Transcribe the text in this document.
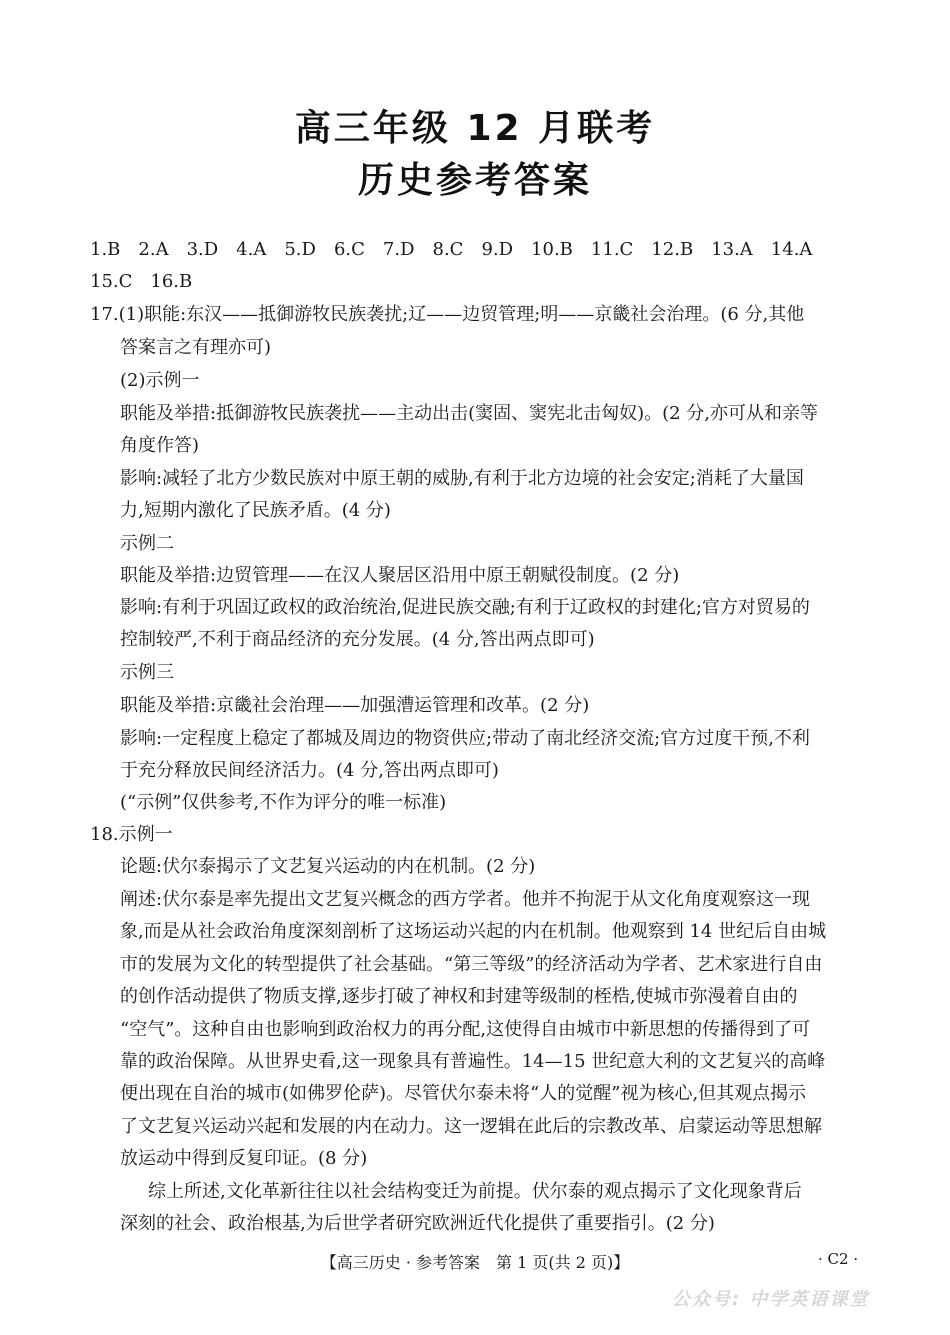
高三年级 12 月联考
历史参考答案
1.B　2.A　3.D　4.A　5.D　6.C　7.D　8.C　9.D　10.B　11.C　12.B　13.A　14.A
15.C　16.B
17.(1)职能:东汉——抵御游牧民族袭扰;辽——边贸管理;明——京畿社会治理。(6 分,其他
答案言之有理亦可)
(2)示例一
职能及举措:抵御游牧民族袭扰——主动出击(窦固、窦宪北击匈奴)。(2 分,亦可从和亲等
角度作答)
影响:减轻了北方少数民族对中原王朝的威胁,有利于北方边境的社会安定;消耗了大量国
力,短期内激化了民族矛盾。(4 分)
示例二
职能及举措:边贸管理——在汉人聚居区沿用中原王朝赋役制度。(2 分)
影响:有利于巩固辽政权的政治统治,促进民族交融;有利于辽政权的封建化;官方对贸易的
控制较严,不利于商品经济的充分发展。(4 分,答出两点即可)
示例三
职能及举措:京畿社会治理——加强漕运管理和改革。(2 分)
影响:一定程度上稳定了都城及周边的物资供应;带动了南北经济交流;官方过度干预,不利
于充分释放民间经济活力。(4 分,答出两点即可)
(“示例”仅供参考,不作为评分的唯一标准)
18.示例一
论题:伏尔泰揭示了文艺复兴运动的内在机制。(2 分)
阐述:伏尔泰是率先提出文艺复兴概念的西方学者。他并不拘泥于从文化角度观察这一现
象,而是从社会政治角度深刻剖析了这场运动兴起的内在机制。他观察到 14 世纪后自由城
市的发展为文化的转型提供了社会基础。“第三等级”的经济活动为学者、艺术家进行自由
的创作活动提供了物质支撑,逐步打破了神权和封建等级制的桎梏,使城市弥漫着自由的
“空气”。这种自由也影响到政治权力的再分配,这使得自由城市中新思想的传播得到了可
靠的政治保障。从世界史看,这一现象具有普遍性。14—15 世纪意大利的文艺复兴的高峰
便出现在自治的城市(如佛罗伦萨)。尽管伏尔泰未将“人的觉醒”视为核心,但其观点揭示
了文艺复兴运动兴起和发展的内在动力。这一逻辑在此后的宗教改革、启蒙运动等思想解
放运动中得到反复印证。(8 分)
综上所述,文化革新往往以社会结构变迁为前提。伏尔泰的观点揭示了文化现象背后
深刻的社会、政治根基,为后世学者研究欧洲近代化提供了重要指引。(2 分)
【高三历史 · 参考答案　第 1 页(共 2 页)】	· C2 ·
公众号: 中学英语课堂
